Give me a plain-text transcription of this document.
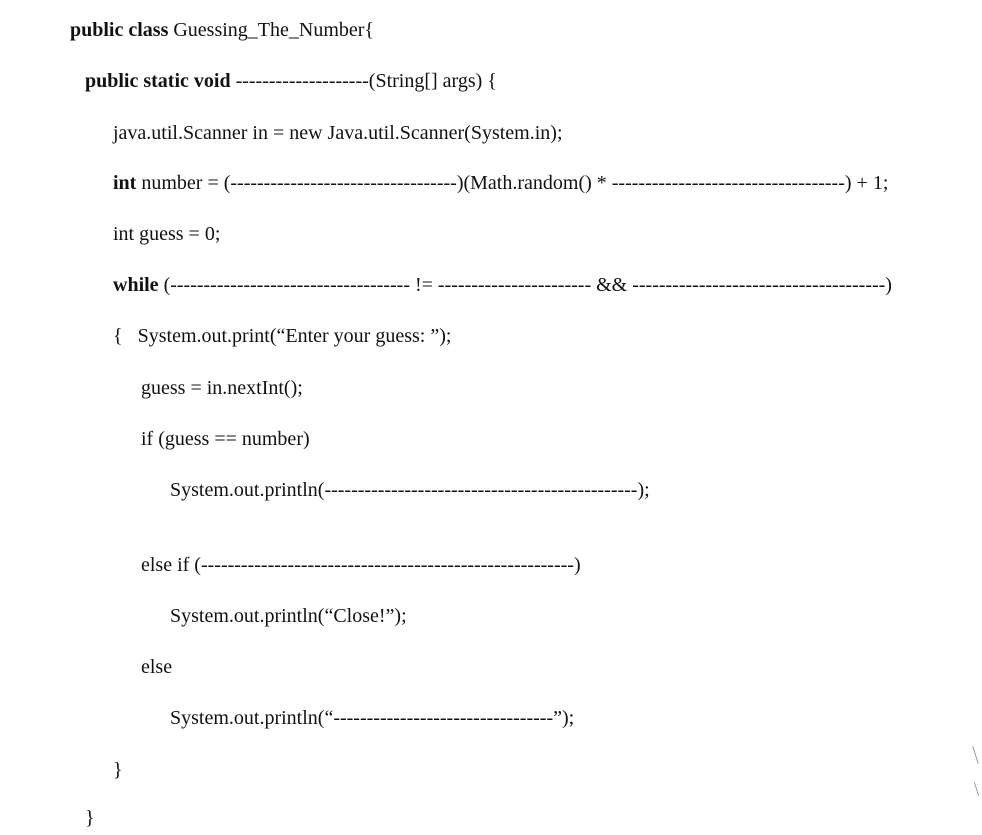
public class Guessing_The_Number{

public static void --------------------(String[] args) {

java.util.Scanner in = new Java.util.Scanner(System.in);

int number = (----------------------------------)(Math.random() * -----------------------------------) + 1;

int guess = 0;

while (------------------------------------ != ----------------------- && --------------------------------------)

{   System.out.print(“Enter your guess: ”);

guess = in.nextInt();

if (guess == number)

System.out.println(-----------------------------------------------);

else if (--------------------------------------------------------)

System.out.println(“Close!”);

else

System.out.println(“---------------------------------”);

}

}
